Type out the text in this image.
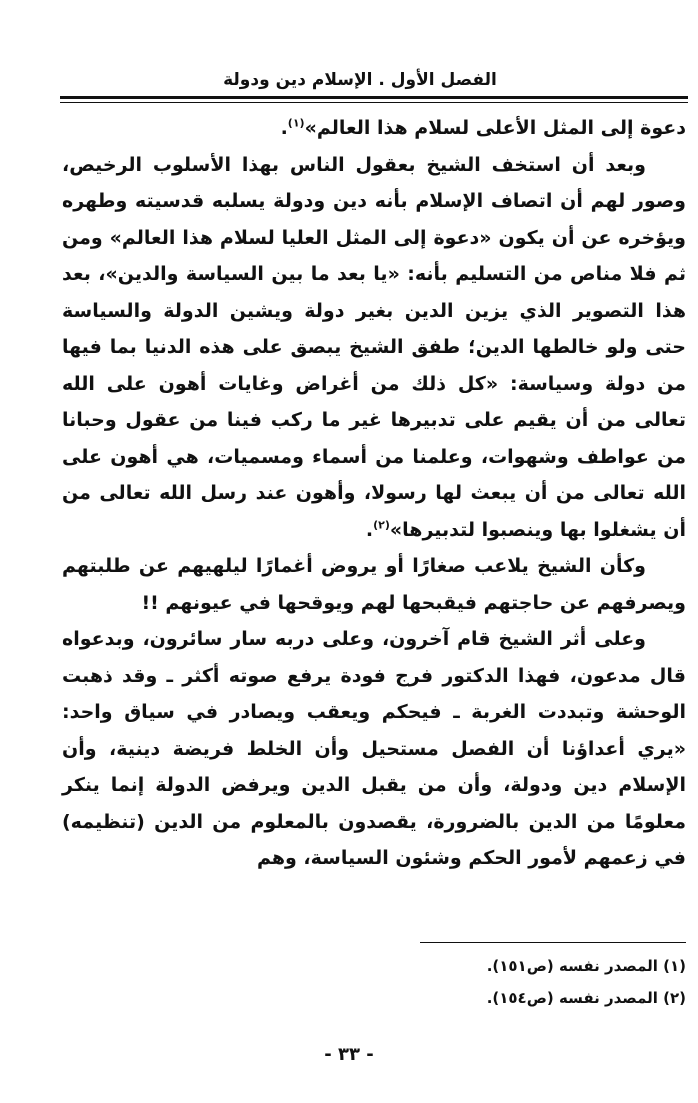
الفصل الأول . الإسلام دين ودولة

دعوة إلى المثل الأعلى لسلام هذا العالم»$^{(١)}$.

وبعد أن استخف الشيخ بعقول الناس بهذا الأسلوب الرخيص، وصور لهم أن اتصاف الإسلام بأنه دين ودولة يسلبه قدسيته وطهره ويؤخره عن أن يكون «دعوة إلى المثل العليا لسلام هذا العالم» ومن ثم فلا مناص من التسليم بأنه: «يا بعد ما بين السياسة والدين»، بعد هذا التصوير الذي يزين الدين بغير دولة ويشين الدولة والسياسة حتى ولو خالطها الدين؛ طفق الشيخ يبصق على هذه الدنيا بما فيها من دولة وسياسة: «كل ذلك من أغراض وغايات أهون على الله تعالى من أن يقيم على تدبيرها غير ما ركب فينا من عقول وحبانا من عواطف وشهوات، وعلمنا من أسماء ومسميات، هي أهون على الله تعالى من أن يبعث لها رسولا، وأهون عند رسل الله تعالى من أن يشغلوا بها وينصبوا لتدبيرها»$^{(٢)}$.

وكأن الشيخ يلاعب صغارًا أو يروض أغمارًا ليلهيهم عن طلبتهم ويصرفهم عن حاجتهم فيقبحها لهم ويوقحها في عيونهم !!

وعلى أثر الشيخ قام آخرون، وعلى دربه سار سائرون، وبدعواه قال مدعون، فهذا الدكتور فرج فودة يرفع صوته أكثر ـ وقد ذهبت الوحشة وتبددت الغربة ـ فيحكم ويعقب ويصادر في سياق واحد: «يري أعداؤنا أن الفصل مستحيل وأن الخلط فريضة دينية، وأن الإسلام دين ودولة، وأن من يقبل الدين ويرفض الدولة إنما ينكر معلومًا من الدين بالضرورة، يقصدون بالمعلوم من الدين (تنظيمه) في زعمهم لأمور الحكم وشئون السياسة، وهم

(١) المصدر نفسه (ص١٥١).
(٢) المصدر نفسه (ص١٥٤).
- ٣٣ -
